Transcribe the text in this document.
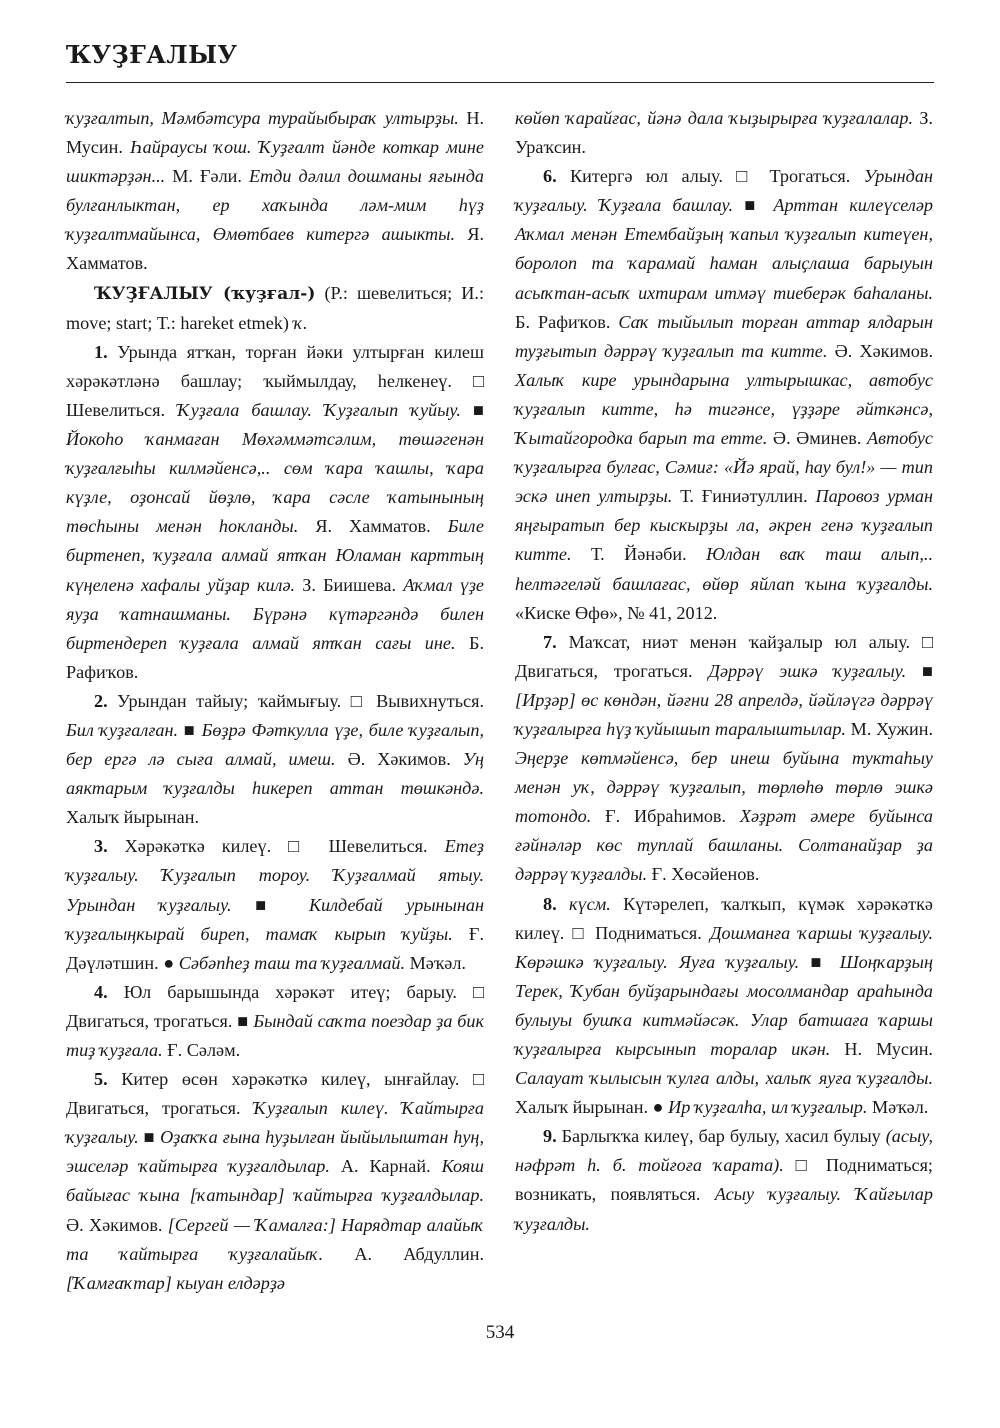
ҠУҘҒАЛЫУ

ҡуҙғалтып, Мәмбәтсура турайыбыраҡ ултырҙы. Н. Мусин. Һайраусы ҡош. Ҡуҙғалт йәнде коткар мине шиктәрҙән... М. Ғәли. Етди дәлил дошманы яғында булғанлыктан, ер хаҡында ләм-мим һүҙ ҡуҙғалтмайынса, Өмөтбаев китергә ашыкты. Я. Хамматов.

ҠУҘҒАЛЫУ (ҡуҙғал-) (Р.: шевелиться; И.: move; start; Т.: hareket etmek) ҡ.

1. Урында ятҡан, торған йәки ултырған килеш хәрәкәтләнә башлау; ҡыймылдау, һелкенеү. □ Шевелиться. Ҡуҙғала башлау. Ҡуҙғалып ҡуйыу. ■ Йокоһо ҡанмаған Мөхәммәтсәлим, төшәгенән ҡуҙғалғыһы килмәйенсә,.. сөм ҡара ҡашлы, ҡара күҙле, оҙонсай йөҙлө, ҡара сәсле ҡатынының төсһыны менән һокланды. Я. Хамматов. Биле биртенеп, ҡуҙғала алмай ятҡан Юламан карттың күңеленә хафалы уйҙар килә. З. Биишева. Аҡмал үҙе яуҙа ҡатнашманы. Бүрәнә күтәргәндә билен биртендереп ҡуҙғала алмай ятҡан сағы ине. Б. Рафиҡов.

2. Урындан тайыу; ҡаймығыу. □ Вывихнуться. Бил ҡуҙғалған. ■ Бөҙрә Фәткулла үҙе, биле ҡуҙғалып, бер ергә лә сыға алмай, имеш. Ә. Хәкимов. Уң аяктарым ҡуҙғалды һикереп аттан төшкәндә. Халыҡ йырынан.

3. Хәрәкәткә килеү. □ Шевелиться. Етеҙ ҡуҙғалыу. Ҡуҙғалып тороу. Ҡуҙғалмай ятыу. Урындан ҡуҙғалыу. ■ Килдебай урынынан ҡуҙғалыңкырай биреп, тамаҡ кырып ҡуйҙы. Ғ. Дәүләтшин. ● Сәбәпһеҙ таш та ҡуҙғалмай. Мәҡәл.

4. Юл барышында хәрәкәт итеү; барыу. □ Двигаться, трогаться. ■ Бындай саҡта поездар ҙа бик тиҙ ҡуҙғала. Ғ. Сәләм.

5. Китер өсөн хәрәкәткә килеү, ынғайлау. □ Двигаться, трогаться. Ҡуҙғалып килеү. Ҡайтырға ҡуҙғалыу. ■ Оҙаҡҡа ғына һуҙылған йыйылыштан һуң, эшселәр ҡайтырға ҡуҙғалдылар. А. Карнай. Кояш байығас ҡына [ҡатындар] ҡайтырға ҡуҙғалдылар. Ә. Хәкимов. [Сергей — Ҡамалға:] Нарядтар алайыҡ та ҡайтырға ҡуҙғалайыҡ. А. Абдуллин. [Ҡамғаҡтар] кыуан елдәрҙә

көйөп ҡарайғас, йәнә дала ҡыҙырырға ҡуҙғалалар. З. Ураҡсин.

6. Китергә юл алыу. □ Трогаться. Урындан ҡуҙғалыу. Ҡуҙғала башлау. ■ Арттан килеүселәр Аҡмал менән Етембайҙың ҡапыл ҡуҙғалып китеүен, боролоп та ҡарамай һаман алыҫлаша барыуын асыҡтан-асыҡ ихтирам итмәү тиеберәк баһаланы. Б. Рафиҡов. Саҡ тыйылып торған аттар ялдарын туҙғытып дәррәү ҡуҙғалып та китте. Ә. Хәкимов. Халыҡ кире урындарына ултырышкас, автобус ҡуҙғалып китте, һә тигәнсе, үҙҙәре әйткәнсә, Ҡытайгородка барып та етте. Ә. Әминев. Автобус ҡуҙғалырға булғас, Сәмиғ: «Йә ярай, һау бул!» — тип эскә инеп ултырҙы. Т. Ғиниәтуллин. Паровоз урман яңғыратып бер кыскырҙы ла, әкрен генә ҡуҙғалып китте. Т. Йәнәби. Юлдан ваҡ таш алып,.. һелтәгеләй башлағас, өйөр яйлап ҡына ҡуҙғалды. «Киске Өфө», № 41, 2012.

7. Маҡсат, ниәт менән ҡайҙалыр юл алыу. □ Двигаться, трогаться. Дәррәү эшкә ҡуҙғалыу. ■ [Ирҙәр] өс көндән, йәғни 28 апрелдә, йәйләүгә дәррәү ҡуҙғалырға һүҙ ҡуйышып таралыштылар. М. Хужин. Эңерҙе көтмәйенсә, бер инеш буйына туктаһыу менән уҡ, дәррәү ҡуҙғалып, төрлөһө төрлө эшкә тотондо. Ғ. Ибраһимов. Хәҙрәт әмере буйынса ғәйнәләр көс туплай башланы. Солтанайҙар ҙа дәррәү ҡуҙғалды. Ғ. Хөсәйенов.

8. күсм. Күтәрелеп, ҡалҡып, күмәк хәрәкәткә килеү. □ Подниматься. Дошманға ҡаршы ҡуҙғалыу. Көрәшкә ҡуҙғалыу. Яуға ҡуҙғалыу. ■ Шоңҡарҙың Терек, Ҡубан буйҙарындағы мосолмандар араһында булыуы бушҡа китмәйәсәк. Улар батшаға ҡаршы ҡуҙғалырға кырсынып торалар икән. Н. Мусин. Салауат ҡылысын ҡулға алды, халыҡ яуға ҡуҙғалды. Халыҡ йырынан. ● Ир ҡуҙғалһа, ил ҡуҙғалыр. Мәҡәл.

9. Барлыҡҡа килеү, бар булыу, хасил булыу (асыу, нәфрәт һ. б. тойғоға ҡарата). □ Подниматься; возникать, появляться. Асыу ҡуҙғалыу. Ҡайғылар ҡуҙғалды.

534
